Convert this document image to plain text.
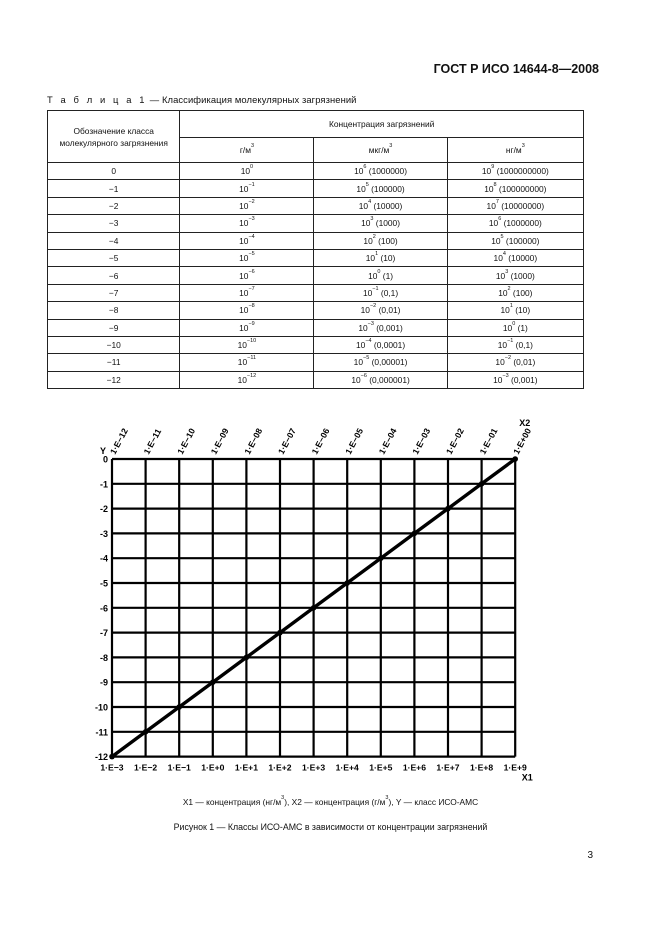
ГОСТ Р ИСО 14644-8—2008
Т а б л и ц а 1 — Классификация молекулярных загрязнений
Обозначение класса молекулярного загрязнения	Концентрация загрязнений		
	$г/м^3$	мкг/$м^3$	$нг/м^3$
0	$10^0$	$10^6$ (1000000)	$10^9$ (1000000000)
−1	$10^{-1}$	$10^5$ (100000)	$10^8$ (100000000)
−2	$10^{-2}$	$10^4$ (10000)	$10^7$ (10000000)
−3	$10^{-3}$	$10^3$ (1000)	$10^6$ (1000000)
−4	$10^{-4}$	$10^2$ (100)	$10^5$ (100000)
−5	$10^{-5}$	$10^1$ (10)	$10^4$ (10000)
−6	$10^{-6}$	$10^0$ (1)	$10^3$ (1000)
−7	$10^{-7}$	$10^{-1}$ (0,1)	$10^2$ (100)
−8	$10^{-8}$	$10^{-2}$ (0,01)	$10^1$ (10)
−9	$10^{-9}$	$10^{-3}$ (0,001)	$10^0$ (1)
−10	$10^{-10}$	$10^{-4}$ (0,0001)	$10^{-1}$ (0,1)
−11	$10^{-11}$	$10^{-5}$ (0,00001)	$10^{-2}$ (0,01)
−12	$10^{-12}$	$10^{-6}$ (0,000001)	$10^{-3}$ (0,001)
0
-1
-2
-3
-4
-5
-6
-7
-8
-9
-10
-11
-12
Y
1·E−3 1·E−2 1·E−1 1·E+0 1·E+1 1·E+2 1·E+3 1·E+4 1·E+5 1·E+6 1·E+7 1·E+8 1·E+9
X1
1·E−12 1·E−11 1·E−10 1·E−09 1·E−08 1·E−07 1·E−06 1·E−05 1·E−04 1·E−03 1·E−02 1·E−01 1·E+00
X2
X1 — концентрация $(нг/м^3)$, X2 — концентрация $(г/м^3)$, Y — класс ИСО-АМС
Рисунок 1 — Классы ИСО-АМС в зависимости от концентрации загрязнений
3
